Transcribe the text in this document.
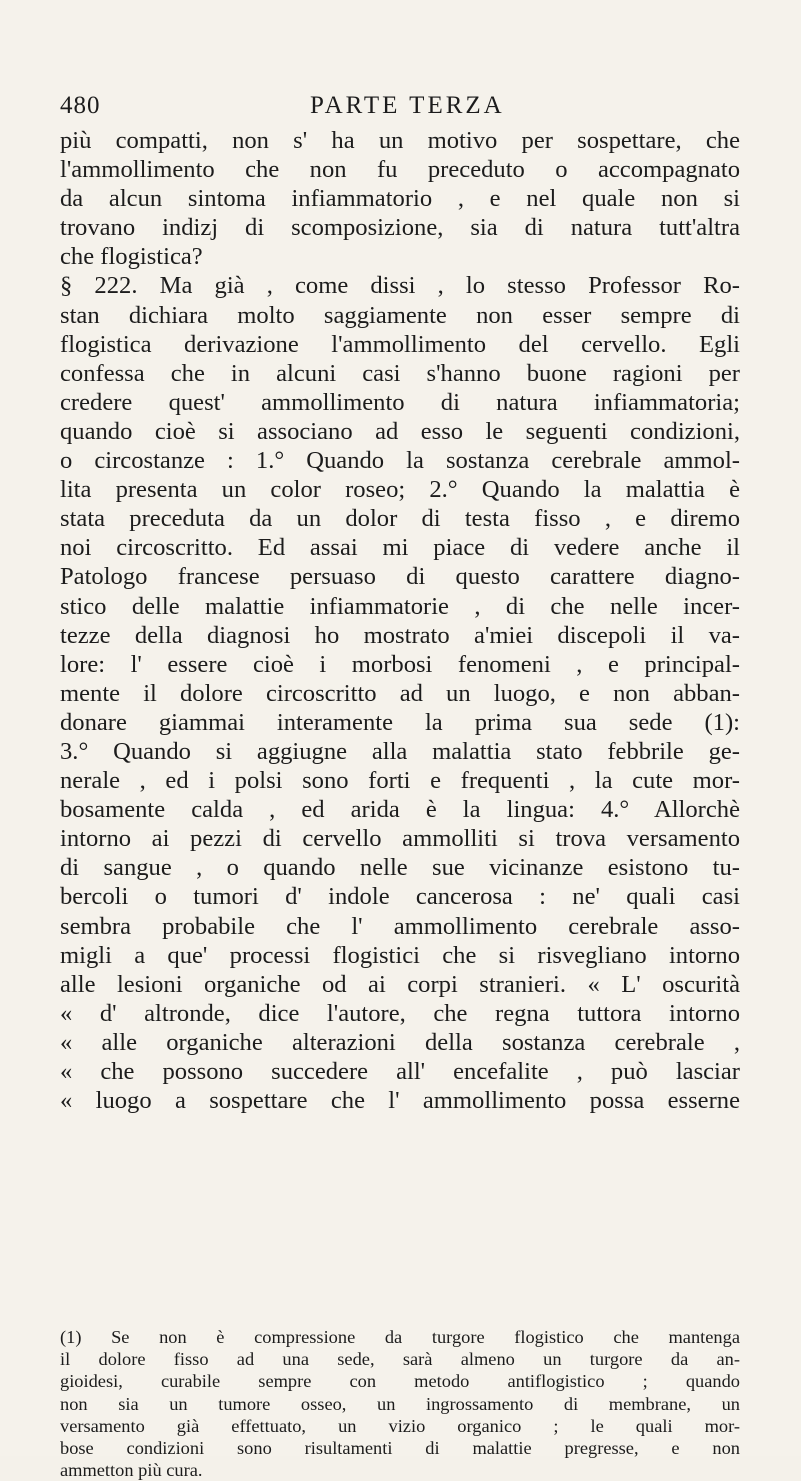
480	PARTE TERZA
più compatti, non s' ha un motivo per sospettare, che
l'ammollimento che non fu preceduto o accompagnato
da alcun sintoma infiammatorio , e nel quale non si
trovano indizj di scomposizione, sia di natura tutt'altra
che flogistica?
§ 222. Ma già , come dissi , lo stesso Professor Ro-
stan dichiara molto saggiamente non esser sempre di
flogistica derivazione l'ammollimento del cervello. Egli
confessa che in alcuni casi s'hanno buone ragioni per
credere quest' ammollimento di natura infiammatoria;
quando cioè si associano ad esso le seguenti condizioni,
o circostanze : 1.° Quando la sostanza cerebrale ammol-
lita presenta un color roseo; 2.° Quando la malattia è
stata preceduta da un dolor di testa fisso , e diremo
noi circoscritto. Ed assai mi piace di vedere anche il
Patologo francese persuaso di questo carattere diagno-
stico delle malattie infiammatorie , di che nelle incer-
tezze della diagnosi ho mostrato a'miei discepoli il va-
lore: l' essere cioè i morbosi fenomeni , e principal-
mente il dolore circoscritto ad un luogo, e non abban-
donare giammai interamente la prima sua sede (1):
3.° Quando si aggiugne alla malattia stato febbrile ge-
nerale , ed i polsi sono forti e frequenti , la cute mor-
bosamente calda , ed arida è la lingua: 4.° Allorchè
intorno ai pezzi di cervello ammolliti si trova versamento
di sangue , o quando nelle sue vicinanze esistono tu-
bercoli o tumori d' indole cancerosa : ne' quali casi
sembra probabile che l' ammollimento cerebrale asso-
migli a que' processi flogistici che si risvegliano intorno
alle lesioni organiche od ai corpi stranieri. « L' oscurità
« d' altronde, dice l'autore, che regna tuttora intorno
« alle organiche alterazioni della sostanza cerebrale ,
« che possono succedere all' encefalite , può lasciar
« luogo a sospettare che l' ammollimento possa esserne
(1) Se non è compressione da turgore flogistico che mantenga
il dolore fisso ad una sede, sarà almeno un turgore da an-
gioidesi, curabile sempre con metodo antiflogistico ; quando
non sia un tumore osseo, un ingrossamento di membrane, un
versamento già effettuato, un vizio organico ; le quali mor-
bose condizioni sono risultamenti di malattie pregresse, e non
ammetton più cura.
